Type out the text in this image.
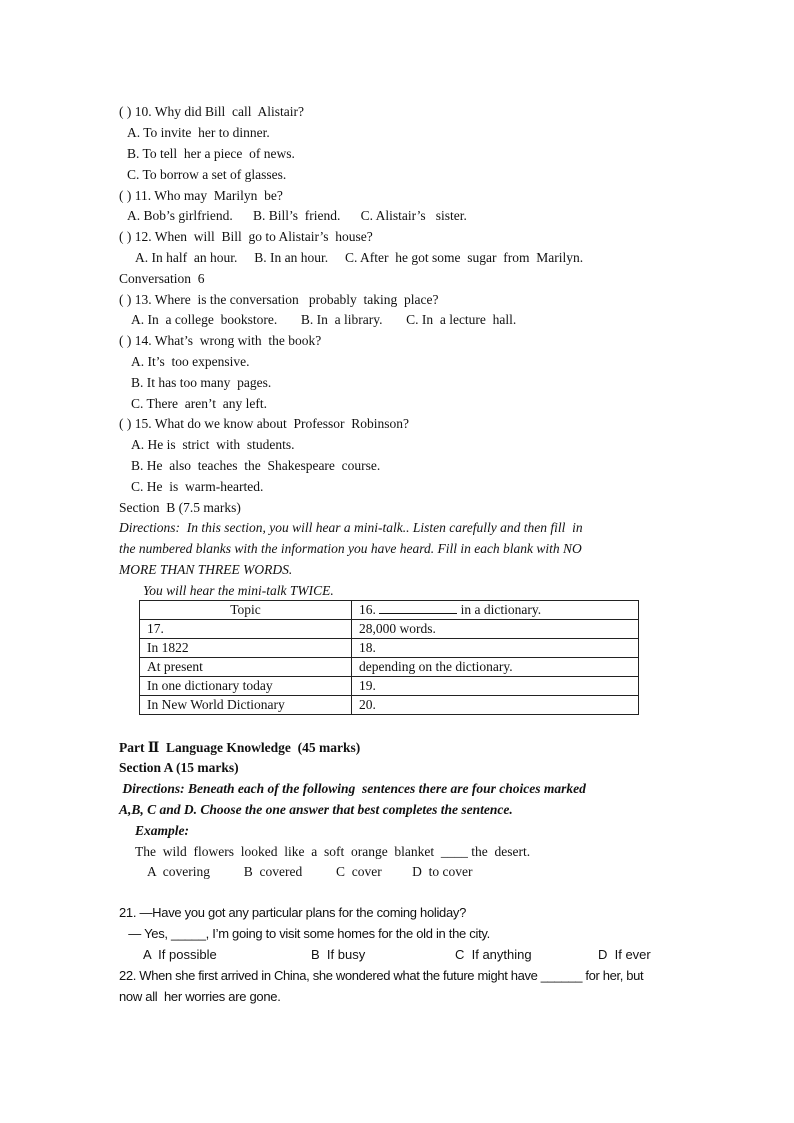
( ) 10. Why did Bill  call  Alistair?
A. To invite  her to dinner.
B. To tell  her a piece  of news.
C. To borrow a set of glasses.
( ) 11. Who may  Marilyn  be?
A. Bob’s girlfriend. B. Bill’s  friend. C. Alistair’s   sister.
( ) 12. When  will  Bill  go to Alistair’s  house?
A. In half  an hour. B. In an hour. C. After  he got some  sugar  from  Marilyn.
Conversation  6
( ) 13. Where  is the conversation   probably  taking  place?
A. In  a college  bookstore. B. In  a library. C. In  a lecture  hall.
( ) 14. What’s  wrong with  the book?
A. It’s  too expensive.
B. It has too many  pages.
C. There  aren’t  any left.
( ) 15. What do we know about  Professor  Robinson?
A. He is  strict  with  students.
B. He  also  teaches  the  Shakespeare  course.
C. He  is  warm-hearted.
Section  B (7.5 marks)
Directions:  In this section, you will hear a mini-talk.. Listen carefully and then fill  in
the numbered blanks with the information you have heard. Fill in each blank with NO
MORE THAN THREE WORDS.
You will hear the mini-talk TWICE.
Topic	16. in a dictionary.
17.	28,000 words.
In 1822	18.
At present	depending on the dictionary.
In one dictionary today	19.
In New World Dictionary	20.
Part Ⅱ  Language Knowledge  (45 marks)
Section A (15 marks)
Directions: Beneath each of the following  sentences there are four choices marked
A,B, C and D. Choose the one answer that best completes the sentence.
Example:
The  wild  flowers  looked  like  a  soft  orange  blanket  ____ the  desert.
A  covering	B  covered	C  cover D  to cover
21. —Have you got any particular plans for the coming holiday?
— Yes, _____, I’m going to visit some homes for the old in the city.
A  If possible	B  If busy	C  If anything	D  If ever
22. When she first arrived in China, she wondered what the future might have ______ for her, but
now all  her worries are gone.
